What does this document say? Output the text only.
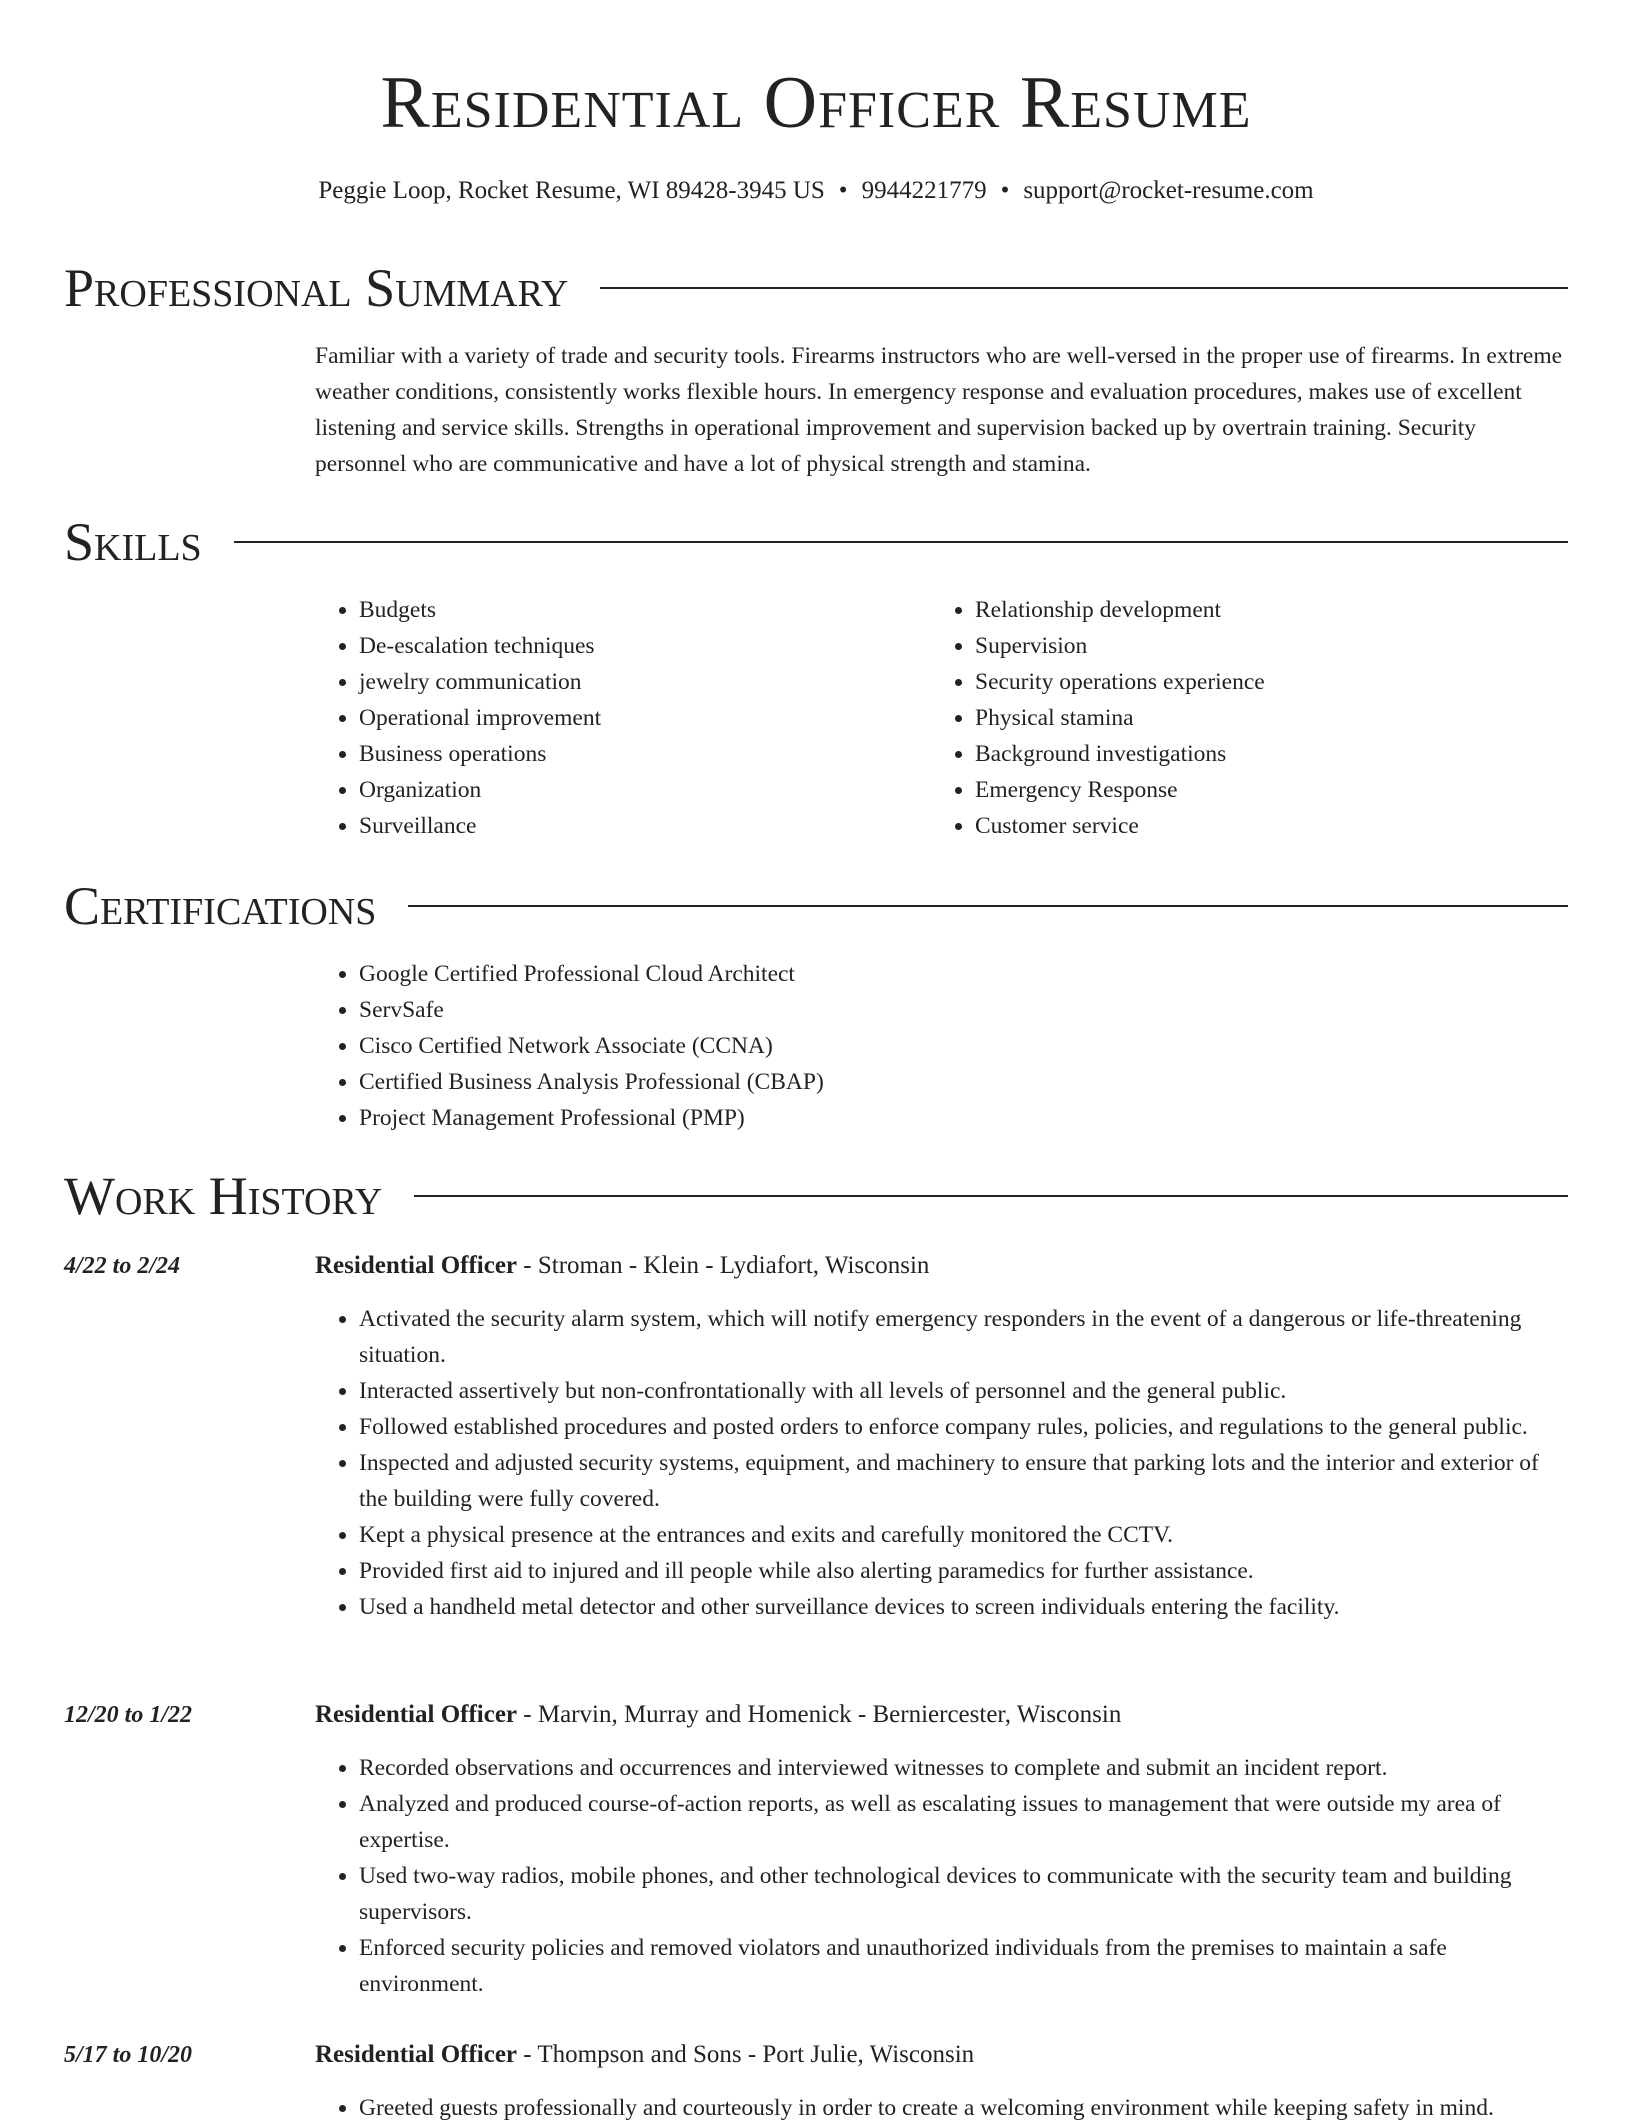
Residential Officer Resume
Peggie Loop, Rocket Resume, WI 89428-3945 US • 9944221779 • support@rocket-resume.com
Professional Summary

Familiar with a variety of trade and security tools. Firearms instructors who are well-versed in the proper use of firearms. In extreme weather conditions, consistently works flexible hours. In emergency response and evaluation procedures, makes use of excellent listening and service skills. Strengths in operational improvement and supervision backed up by overtrain training. Security personnel who are communicative and have a lot of physical strength and stamina.

Skills
• Budgets
• De-escalation techniques
• jewelry communication
• Operational improvement
• Business operations
• Organization
• Surveillance
• Relationship development
• Supervision
• Security operations experience
• Physical stamina
• Background investigations
• Emergency Response
• Customer service
Certifications
• Google Certified Professional Cloud Architect
• ServSafe
• Cisco Certified Network Associate (CCNA)
• Certified Business Analysis Professional (CBAP)
• Project Management Professional (PMP)
Work History
4/22 to 2/24	Residential Officer - Stroman - Klein - Lydiafort, Wisconsin
• Activated the security alarm system, which will notify emergency responders in the event of a dangerous or life-threatening situation.
• Interacted assertively but non-confrontationally with all levels of personnel and the general public.
• Followed established procedures and posted orders to enforce company rules, policies, and regulations to the general public.
• Inspected and adjusted security systems, equipment, and machinery to ensure that parking lots and the interior and exterior of the building were fully covered.
• Kept a physical presence at the entrances and exits and carefully monitored the CCTV.
• Provided first aid to injured and ill people while also alerting paramedics for further assistance.
• Used a handheld metal detector and other surveillance devices to screen individuals entering the facility.
12/20 to 1/22	Residential Officer - Marvin, Murray and Homenick - Berniercester, Wisconsin
• Recorded observations and occurrences and interviewed witnesses to complete and submit an incident report.
• Analyzed and produced course-of-action reports, as well as escalating issues to management that were outside my area of expertise.
• Used two-way radios, mobile phones, and other technological devices to communicate with the security team and building supervisors.
• Enforced security policies and removed violators and unauthorized individuals from the premises to maintain a safe environment.
5/17 to 10/20	Residential Officer - Thompson and Sons - Port Julie, Wisconsin
• Greeted guests professionally and courteously in order to create a welcoming environment while keeping safety in mind.
